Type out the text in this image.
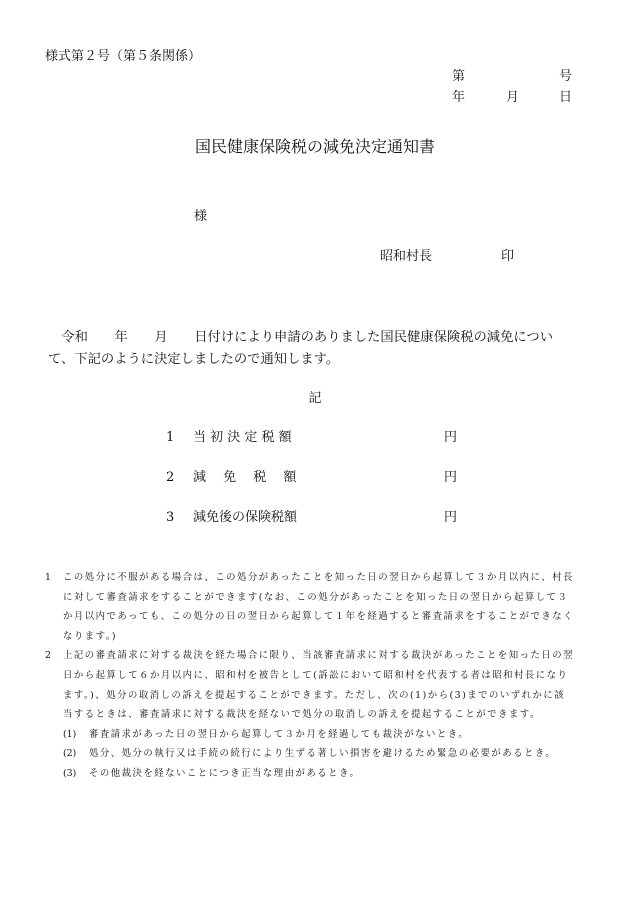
様式第２号（第５条関係）
第	号
年	月	日
国民健康保険税の減免決定通知書
様
昭和村長	印
　令和　　年　　月　　日付けにより申請のありました国民健康保険税の減免について、下記のように決定しましたので通知します。
記
1 当 初 決 定 税 額	円
2 減　 免　 税　 額	円
3 減免後の保険税額	円
1 この処分に不服がある場合は、この処分があったことを知った日の翌日から起算して３か月以内に、村長に対して審査請求をすることができます(なお、この処分があったことを知った日の翌日から起算して３か月以内であっても、この処分の日の翌日から起算して１年を経過すると審査請求をすることができなくなります。)
2 上記の審査請求に対する裁決を経た場合に限り、当該審査請求に対する裁決があったことを知った日の翌日から起算して６か月以内に、昭和村を被告として(訴訟において昭和村を代表する者は昭和村長になります。)、処分の取消しの訴えを提起することができます。ただし、次の(1)から(3)までのいずれかに該当するときは、審査請求に対する裁決を経ないで処分の取消しの訴えを提起することができます。
(1) 審査請求があった日の翌日から起算して３か月を経過しても裁決がないとき。
(2) 処分、処分の執行又は手続の続行により生ずる著しい損害を避けるため緊急の必要があるとき。
(3) その他裁決を経ないことにつき正当な理由があるとき。
